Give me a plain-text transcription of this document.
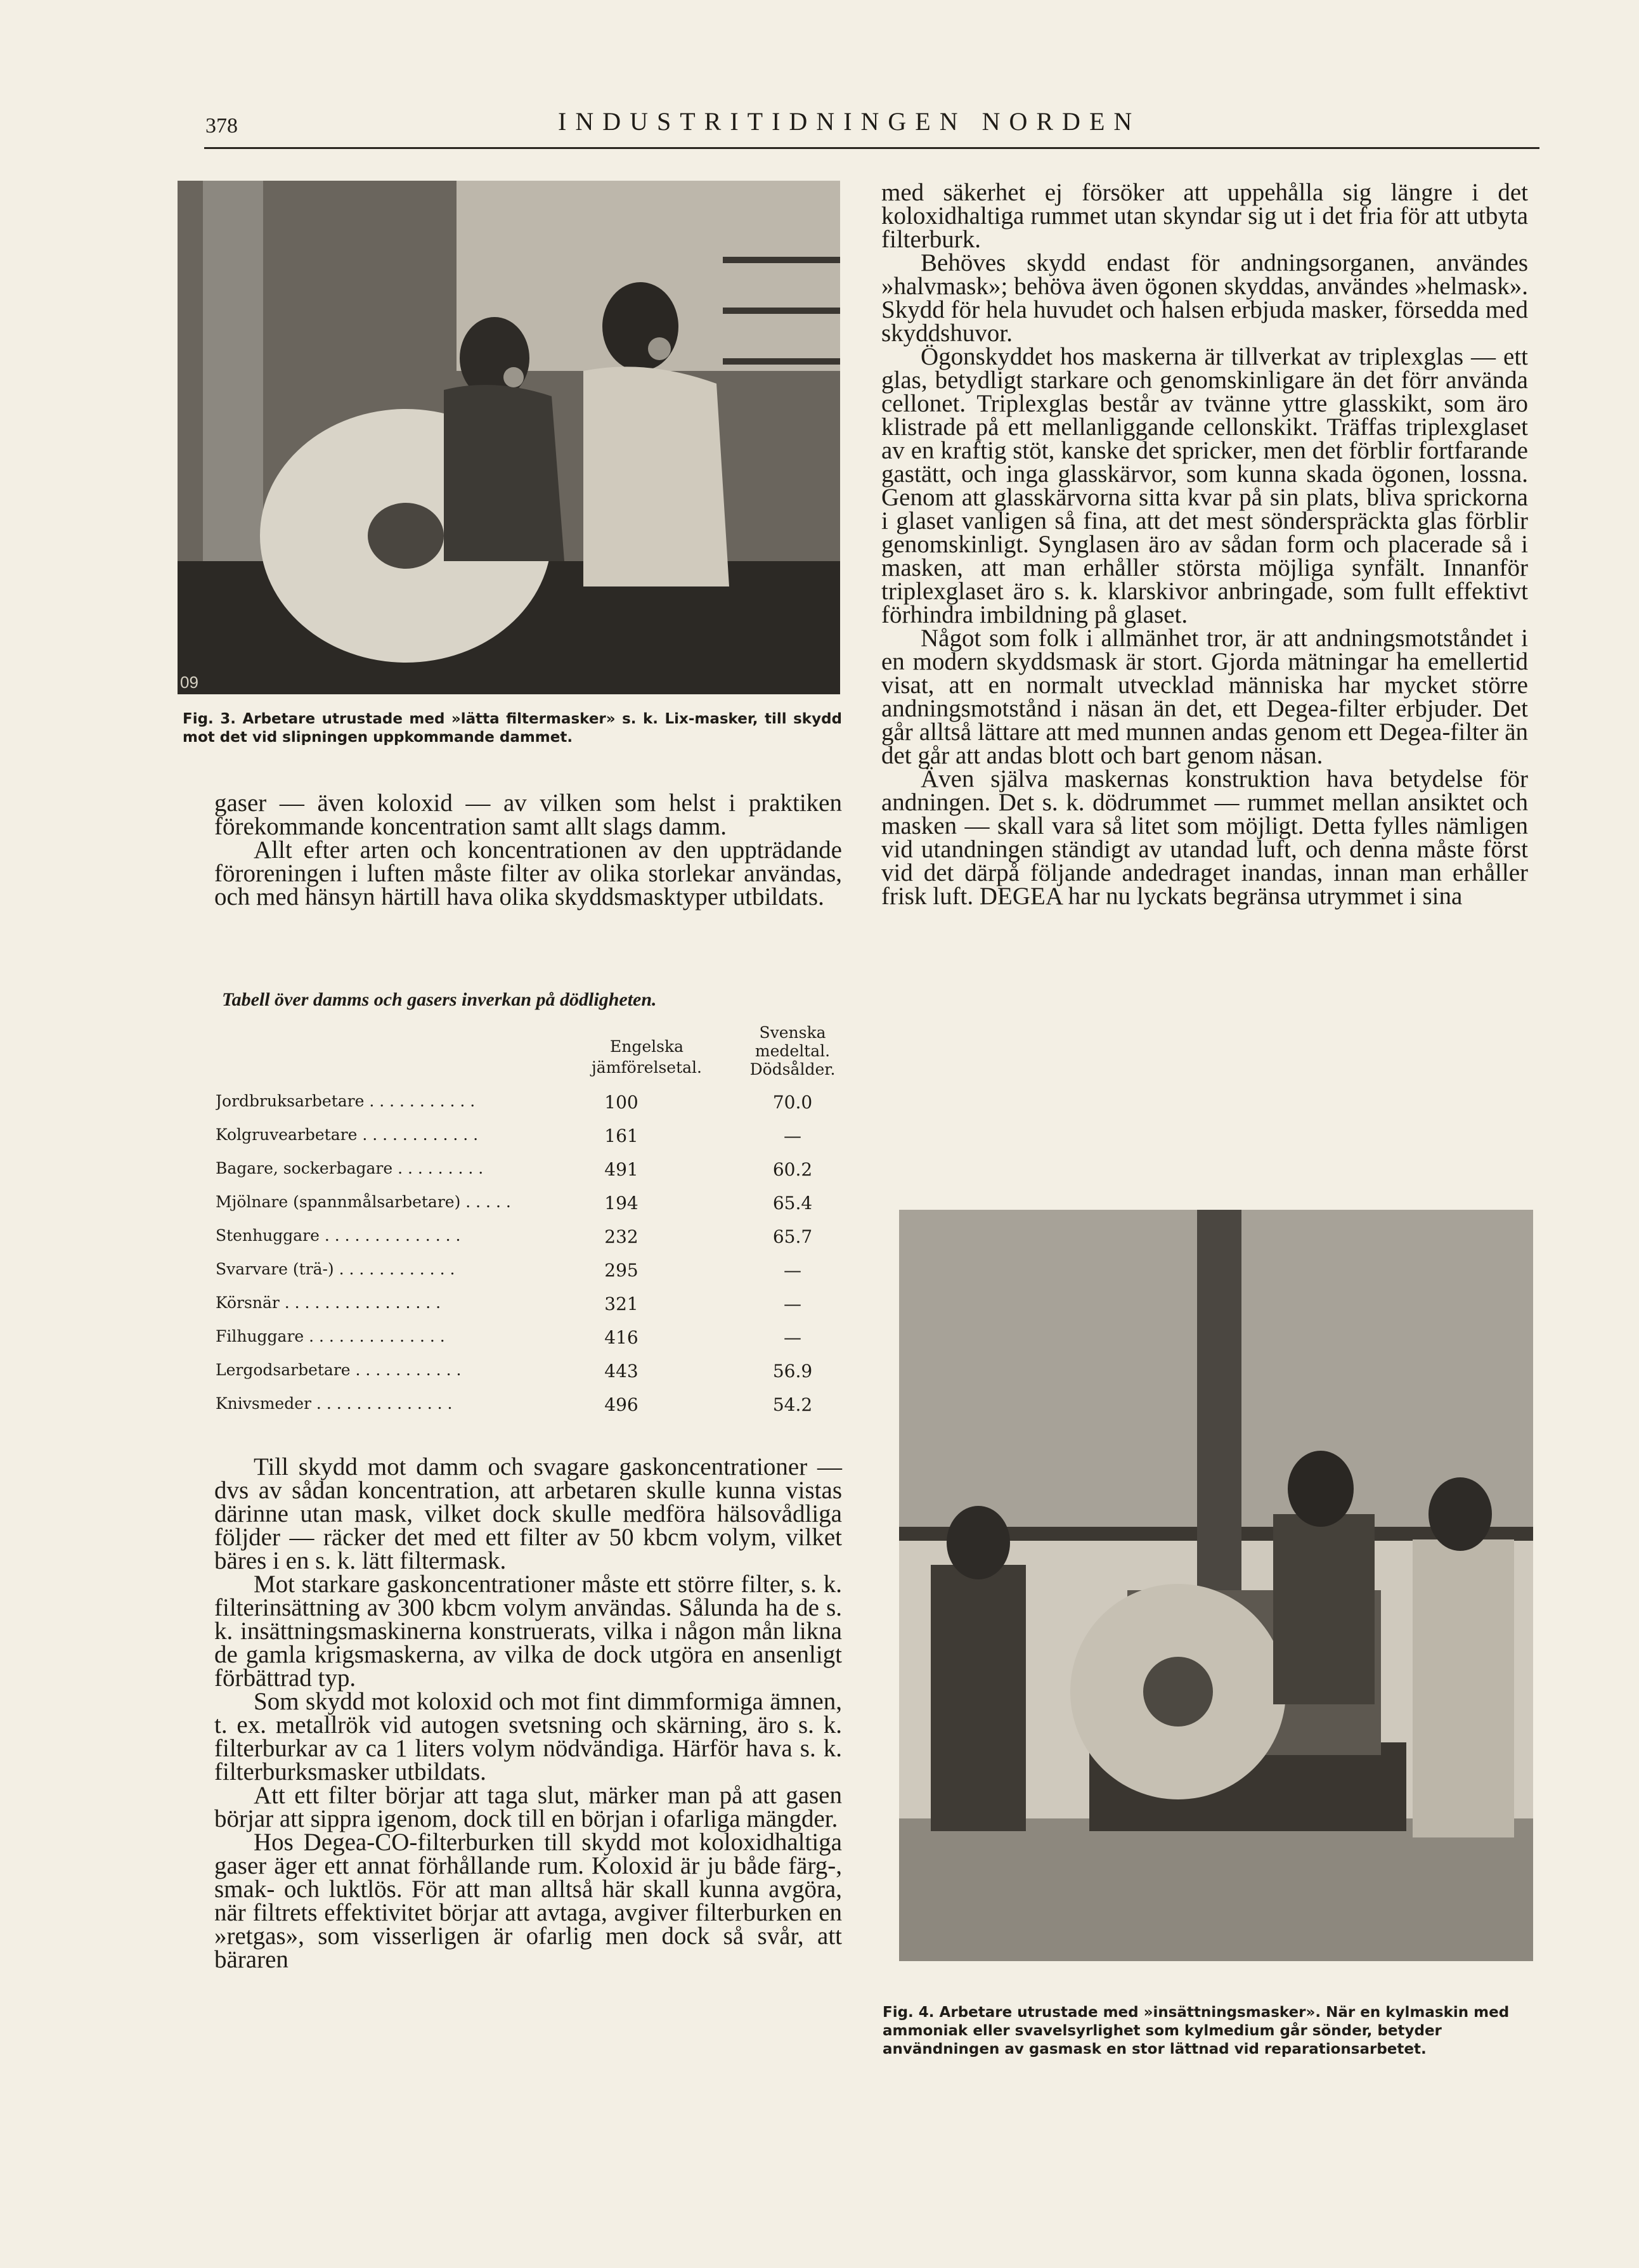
378	INDUSTRITIDNINGEN NORDEN
09
Fig. 3. Arbetare utrustade med »lätta filtermasker» s. k. Lix-masker, till skydd mot det vid slipningen uppkommande dammet.

gaser — även koloxid — av vilken som helst i praktiken förekommande koncentration samt allt slags damm.

Allt efter arten och koncentrationen av den uppträdande föroreningen i luften måste filter av olika storlekar användas, och med hänsyn härtill hava olika skyddsmasktyper utbildats.

Tabell över damms och gasers inverkan på dödligheten.
Engelska jämförelsetal.
Svenska medeltal. Dödsålder.
Jordbruksarbetare . . . . . . . . . . .	100	70.0
Kolgruvearbetare . . . . . . . . . . . .	161	—
Bagare, sockerbagare . . . . . . . . .	491	60.2
Mjölnare (spannmålsarbetare) . . . . .	194	65.4
Stenhuggare . . . . . . . . . . . . . .	232	65.7
Svarvare (trä-) . . . . . . . . . . . .	295	—
Körsnär . . . . . . . . . . . . . . . .	321	—
Filhuggare . . . . . . . . . . . . . .	416	—
Lergodsarbetare . . . . . . . . . . .	443	56.9
Knivsmeder . . . . . . . . . . . . . .	496	54.2

Till skydd mot damm och svagare gaskoncentrationer — dvs av sådan koncentration, att arbetaren skulle kunna vistas därinne utan mask, vilket dock skulle medföra hälsovådliga följder — räcker det med ett filter av 50 kbcm volym, vilket bäres i en s. k. lätt filtermask.

Mot starkare gaskoncentrationer måste ett större filter, s. k. filterinsättning av 300 kbcm volym användas. Sålunda ha de s. k. insättningsmaskinerna konstruerats, vilka i någon mån likna de gamla krigsmaskerna, av vilka de dock utgöra en ansenligt förbättrad typ.

Som skydd mot koloxid och mot fint dimmformiga ämnen, t. ex. metallrök vid autogen svetsning och skärning, äro s. k. filterburkar av ca 1 liters volym nödvändiga. Härför hava s. k. filterburksmasker utbildats.

Att ett filter börjar att taga slut, märker man på att gasen börjar att sippra igenom, dock till en början i ofarliga mängder.

Hos Degea-CO-filterburken till skydd mot koloxidhaltiga gaser äger ett annat förhållande rum. Koloxid är ju både färg-, smak- och luktlös. För att man alltså här skall kunna avgöra, när filtrets effektivitet börjar att avtaga, avgiver filterburken en »retgas», som visserligen är ofarlig men dock så svår, att bäraren

med säkerhet ej försöker att uppehålla sig längre i det koloxidhaltiga rummet utan skyndar sig ut i det fria för att utbyta filterburk.

Behöves skydd endast för andningsorganen, användes »halvmask»; behöva även ögonen skyddas, användes »helmask». Skydd för hela huvudet och halsen erbjuda masker, försedda med skyddshuvor.

Ögonskyddet hos maskerna är tillverkat av triplexglas — ett glas, betydligt starkare och genomskinligare än det förr använda cellonet. Triplexglas består av tvänne yttre glasskikt, som äro klistrade på ett mellanliggande cellonskikt. Träffas triplexglaset av en kraftig stöt, kanske det spricker, men det förblir fortfarande gastätt, och inga glasskärvor, som kunna skada ögonen, lossna. Genom att glasskärvorna sitta kvar på sin plats, bliva sprickorna i glaset vanligen så fina, att det mest sönderspräckta glas förblir genomskinligt. Synglasen äro av sådan form och placerade så i masken, att man erhåller största möjliga synfält. Innanför triplexglaset äro s. k. klarskivor anbringade, som fullt effektivt förhindra imbildning på glaset.

Något som folk i allmänhet tror, är att andningsmotståndet i en modern skyddsmask är stort. Gjorda mätningar ha emellertid visat, att en normalt utvecklad människa har mycket större andningsmotstånd i näsan än det, ett Degea-filter erbjuder. Det går alltså lättare att med munnen andas genom ett Degea-filter än det går att andas blott och bart genom näsan.

Även själva maskernas konstruktion hava betydelse för andningen. Det s. k. dödrummet — rummet mellan ansiktet och masken — skall vara så litet som möjligt. Detta fylles nämligen vid utandningen ständigt av utandad luft, och denna måste först vid det därpå följande andedraget inandas, innan man erhåller frisk luft. DEGEA har nu lyckats begränsa utrymmet i sina

Fig. 4. Arbetare utrustade med »insättningsmasker». När en kylmaskin med ammoniak eller svavelsyrlighet som kylmedium går sönder, betyder användningen av gasmask en stor lättnad vid reparationsarbetet.
